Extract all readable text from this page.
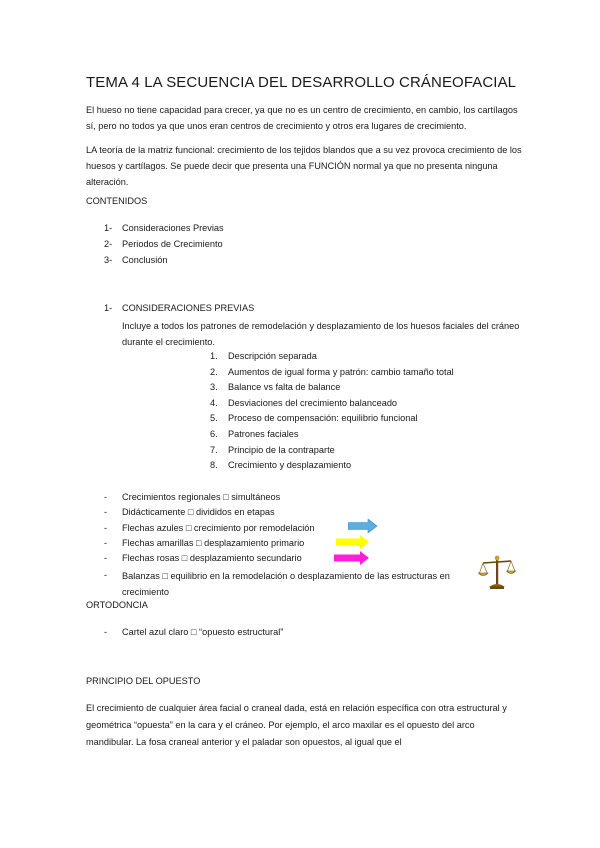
TEMA 4 LA SECUENCIA DEL DESARROLLO CRÁNEOFACIAL
El hueso no tiene capacidad para crecer, ya que no es un centro de crecimiento, en cambio, los cartílagos sí, pero no todos ya que unos eran centros de crecimiento y otros era lugares de crecimiento.
LA teoría de la matriz funcional: crecimiento de los tejidos blandos que a su vez provoca crecimiento de los huesos y cartílagos. Se puede decir que presenta una FUNCIÓN normal ya que no presenta ninguna alteración.
CONTENIDOS
1- Consideraciones Previas
2- Periodos de Crecimiento
3- Conclusión
1- CONSIDERACIONES PREVIAS
Incluye a todos los patrones de remodelación y desplazamiento de los huesos faciales del cráneo durante el crecimiento.
1. Descripción separada
2. Aumentos de igual forma y patrón: cambio tamaño total
3. Balance vs falta de balance
4. Desviaciones del crecimiento balanceado
5. Proceso de compensación: equilibrio funcional
6. Patrones faciales
7. Principio de la contraparte
8. Crecimiento y desplazamiento
- Crecimientos regionales □ simultáneos
- Didácticamente □ divididos en etapas
- Flechas azules □ crecimiento por remodelación
- Flechas amarillas □ desplazamiento primario
- Flechas rosas □ desplazamiento secundario
- Balanzas □ equilibrio en la remodelación o desplazamiento de las estructuras en crecimiento
ORTODONCIA
- Cartel azul claro □ “opuesto estructural”
PRINCIPIO DEL OPUESTO
El crecimiento de cualquier área facial o craneal dada, está en relación específica con otra estructural y geométrica “opuesta” en la cara y el cráneo. Por ejemplo, el arco maxilar es el opuesto del arco mandibular. La fosa craneal anterior y el paladar son opuestos, al igual que el
